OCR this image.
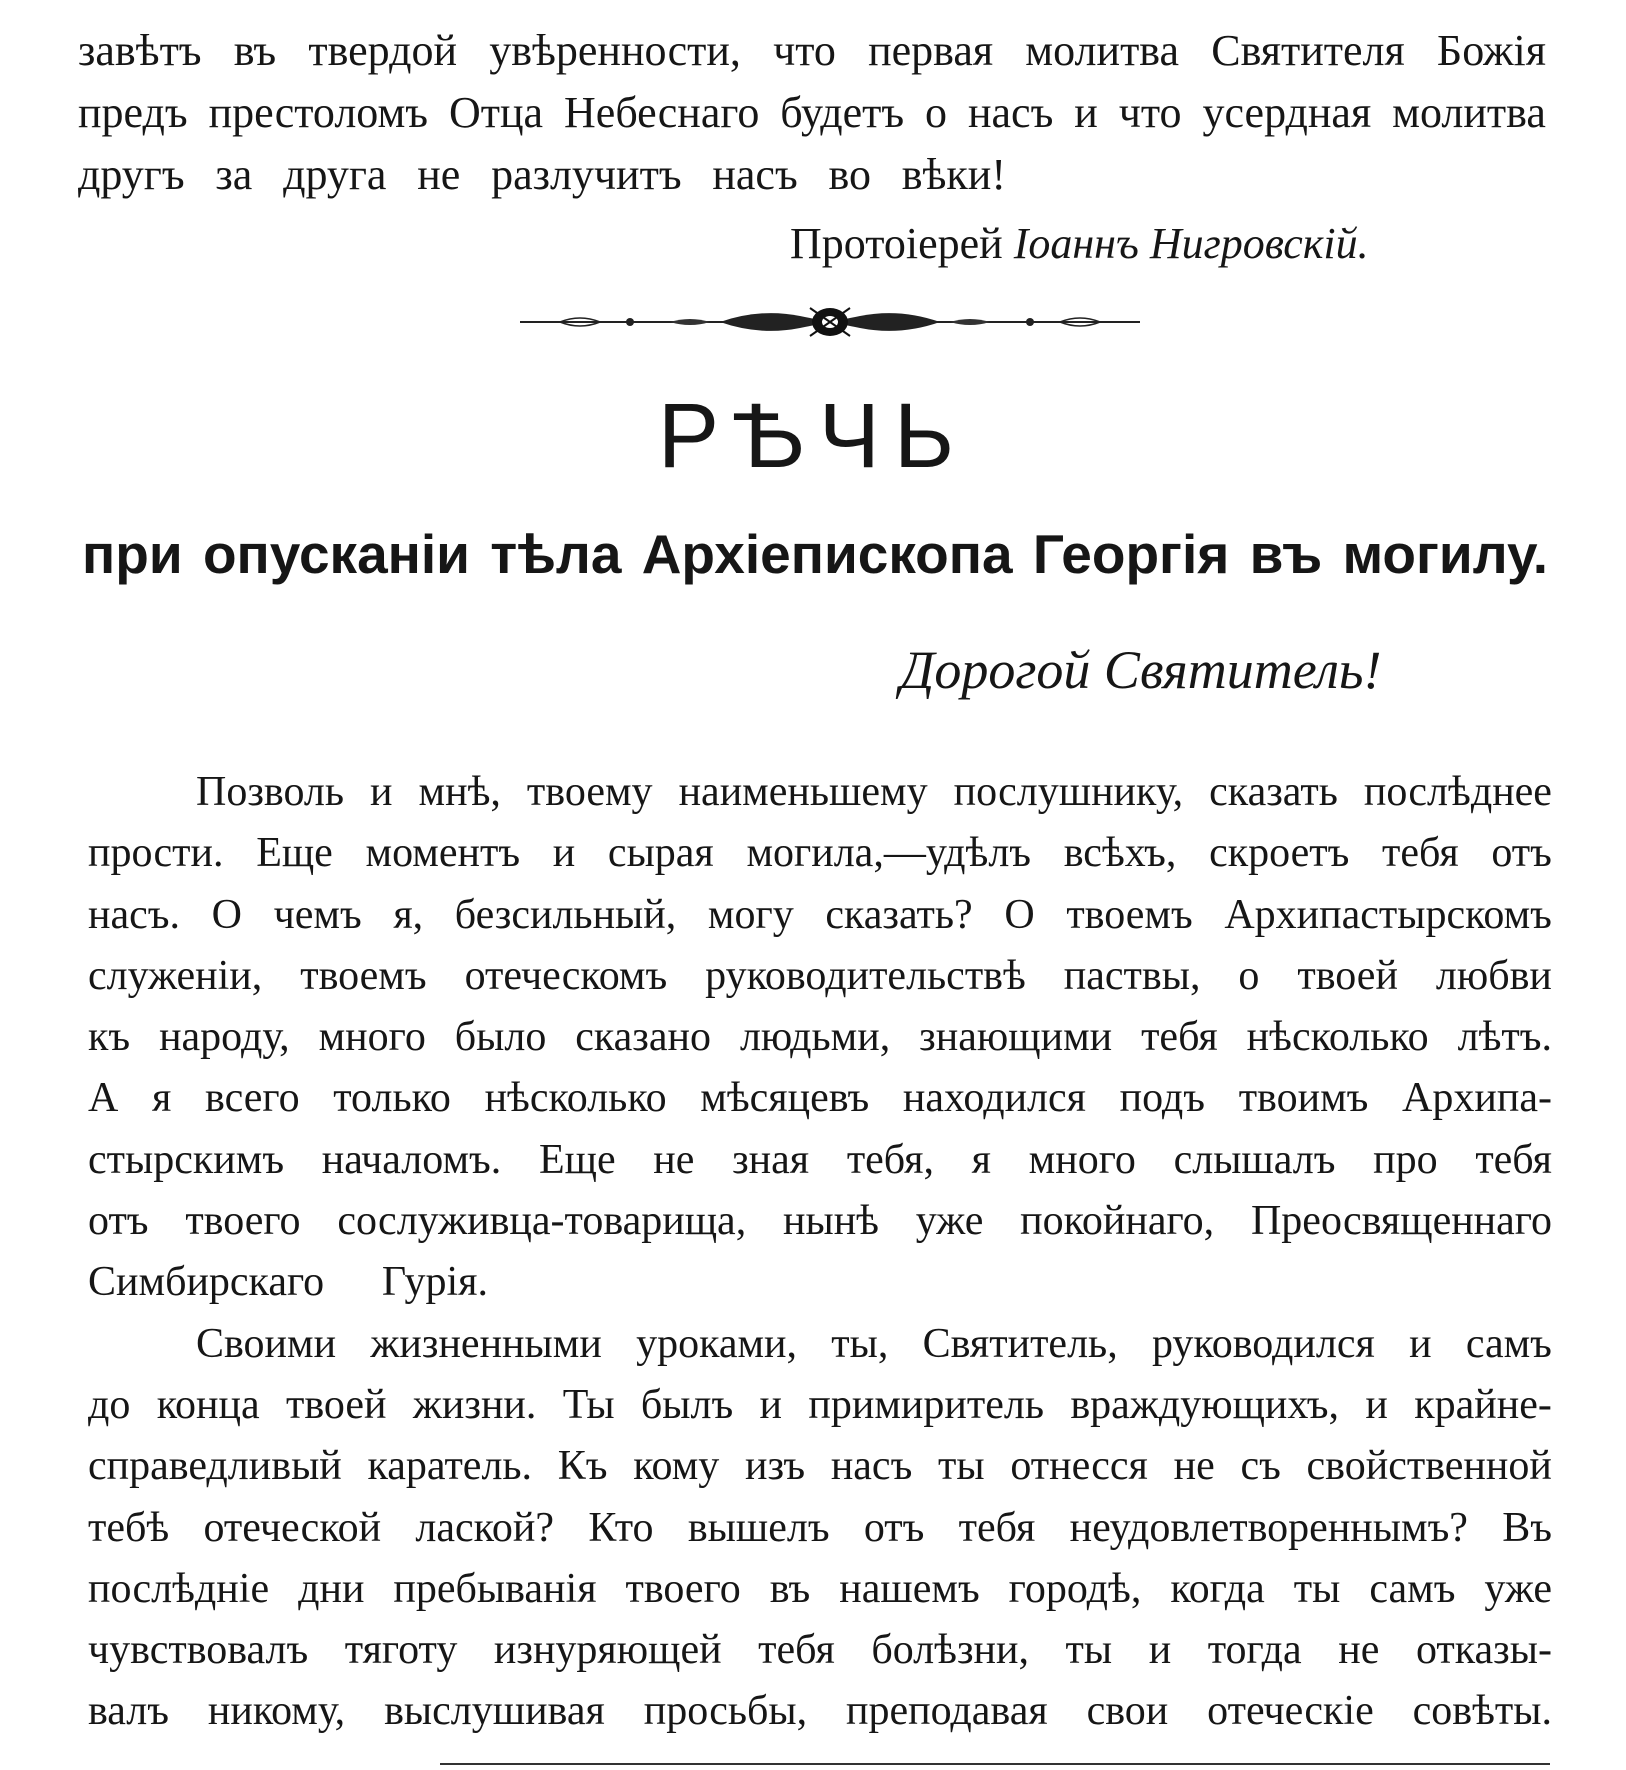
завѣтъ въ твердой увѣренности, что первая молитва Святителя Божія
предъ престоломъ Отца Небеснаго будетъ о насъ и что усердная молитва
другъ за друга не разлучитъ насъ во вѣки!
Протоіерей Іоаннъ Нигровскій.
РѢЧЬ
при опусканіи тѣла Архіепископа Георгія въ могилу.
Дорогой Святитель!
Позволь и мнѣ, твоему наименьшему послушнику, сказать послѣднее
прости. Еще моментъ и сырая могила,—удѣлъ всѣхъ, скроетъ тебя отъ
насъ. О чемъ я, безсильный, могу сказать? О твоемъ Архипастырскомъ
служеніи, твоемъ отеческомъ руководительствѣ паствы, о твоей любви
къ народу, много было сказано людьми, знающими тебя нѣсколько лѣтъ.
А я всего только нѣсколько мѣсяцевъ находился подъ твоимъ Архипа-
стырскимъ началомъ. Еще не зная тебя, я много слышалъ про тебя
отъ твоего сослуживца-товарища, нынѣ уже покойнаго, Преосвященнаго
Симбирскаго Гурія.
Своими жизненными уроками, ты, Святитель, руководился и самъ
до конца твоей жизни. Ты былъ и примиритель враждующихъ, и крайне-
справедливый каратель. Къ кому изъ насъ ты отнесся не съ свойственной
тебѣ отеческой лаской? Кто вышелъ отъ тебя неудовлетвореннымъ? Въ
послѣдніе дни пребыванія твоего въ нашемъ городѣ, когда ты самъ уже
чувствовалъ тяготу изнуряющей тебя болѣзни, ты и тогда не отказы-
валъ никому, выслушивая просьбы, преподавая свои отеческіе совѣты.
